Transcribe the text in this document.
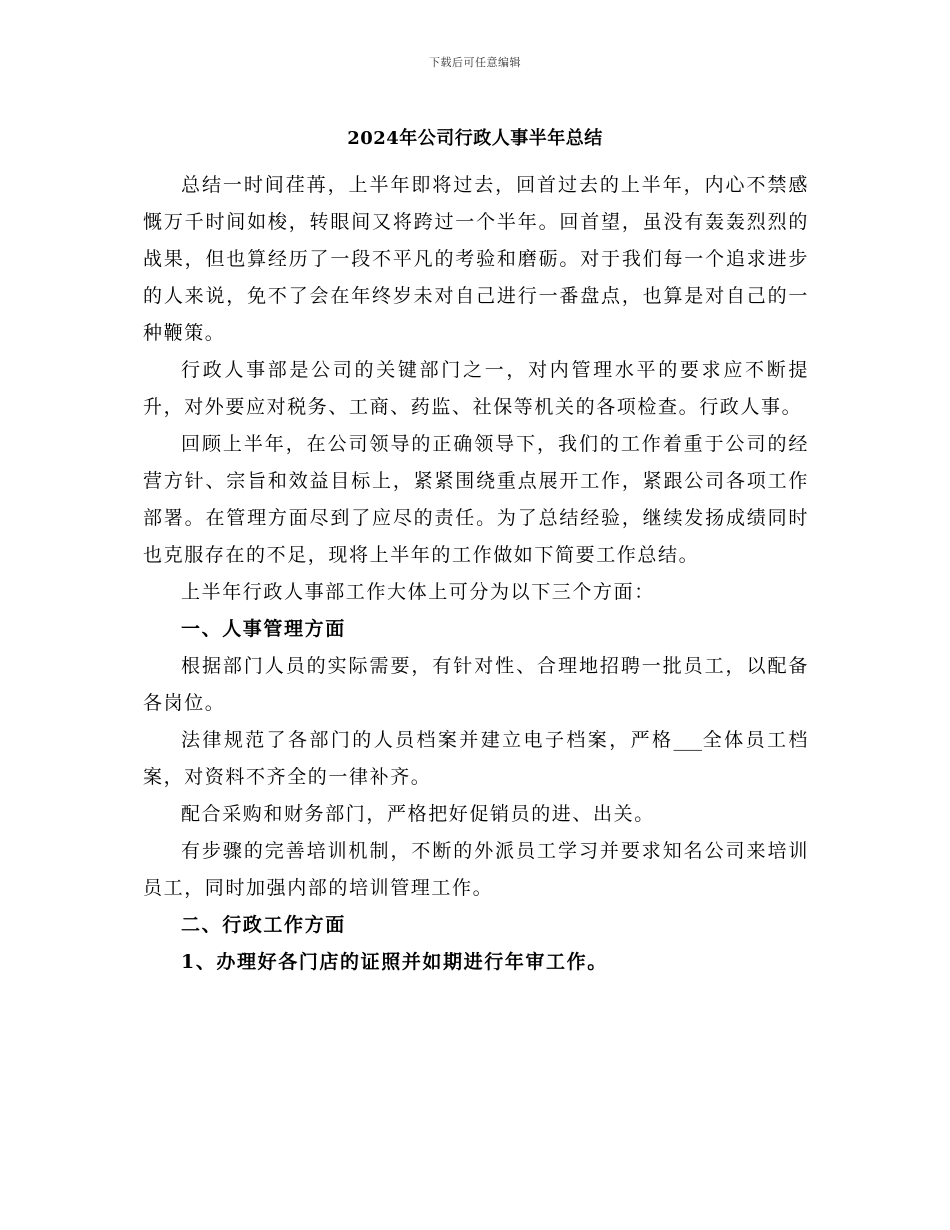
下载后可任意编辑
2024年公司行政人事半年总结

总结一时间荏苒，上半年即将过去，回首过去的上半年，内心不禁感慨万千时间如梭，转眼间又将跨过一个半年。回首望，虽没有轰轰烈烈的战果，但也算经历了一段不平凡的考验和磨砺。对于我们每一个追求进步的人来说，免不了会在年终岁未对自己进行一番盘点，也算是对自己的一种鞭策。

行政人事部是公司的关键部门之一，对内管理水平的要求应不断提升，对外要应对税务、工商、药监、社保等机关的各项检查。行政人事。

回顾上半年，在公司领导的正确领导下，我们的工作着重于公司的经营方针、宗旨和效益目标上，紧紧围绕重点展开工作，紧跟公司各项工作部署。在管理方面尽到了应尽的责任。为了总结经验，继续发扬成绩同时也克服存在的不足，现将上半年的工作做如下简要工作总结。

上半年行政人事部工作大体上可分为以下三个方面：

一、人事管理方面

根据部门人员的实际需要，有针对性、合理地招聘一批员工，以配备各岗位。

法律规范了各部门的人员档案并建立电子档案，严格___全体员工档案，对资料不齐全的一律补齐。

配合采购和财务部门，严格把好促销员的进、出关。

有步骤的完善培训机制，不断的外派员工学习并要求知名公司来培训员工，同时加强内部的培训管理工作。

二、行政工作方面

1、办理好各门店的证照并如期进行年审工作。
